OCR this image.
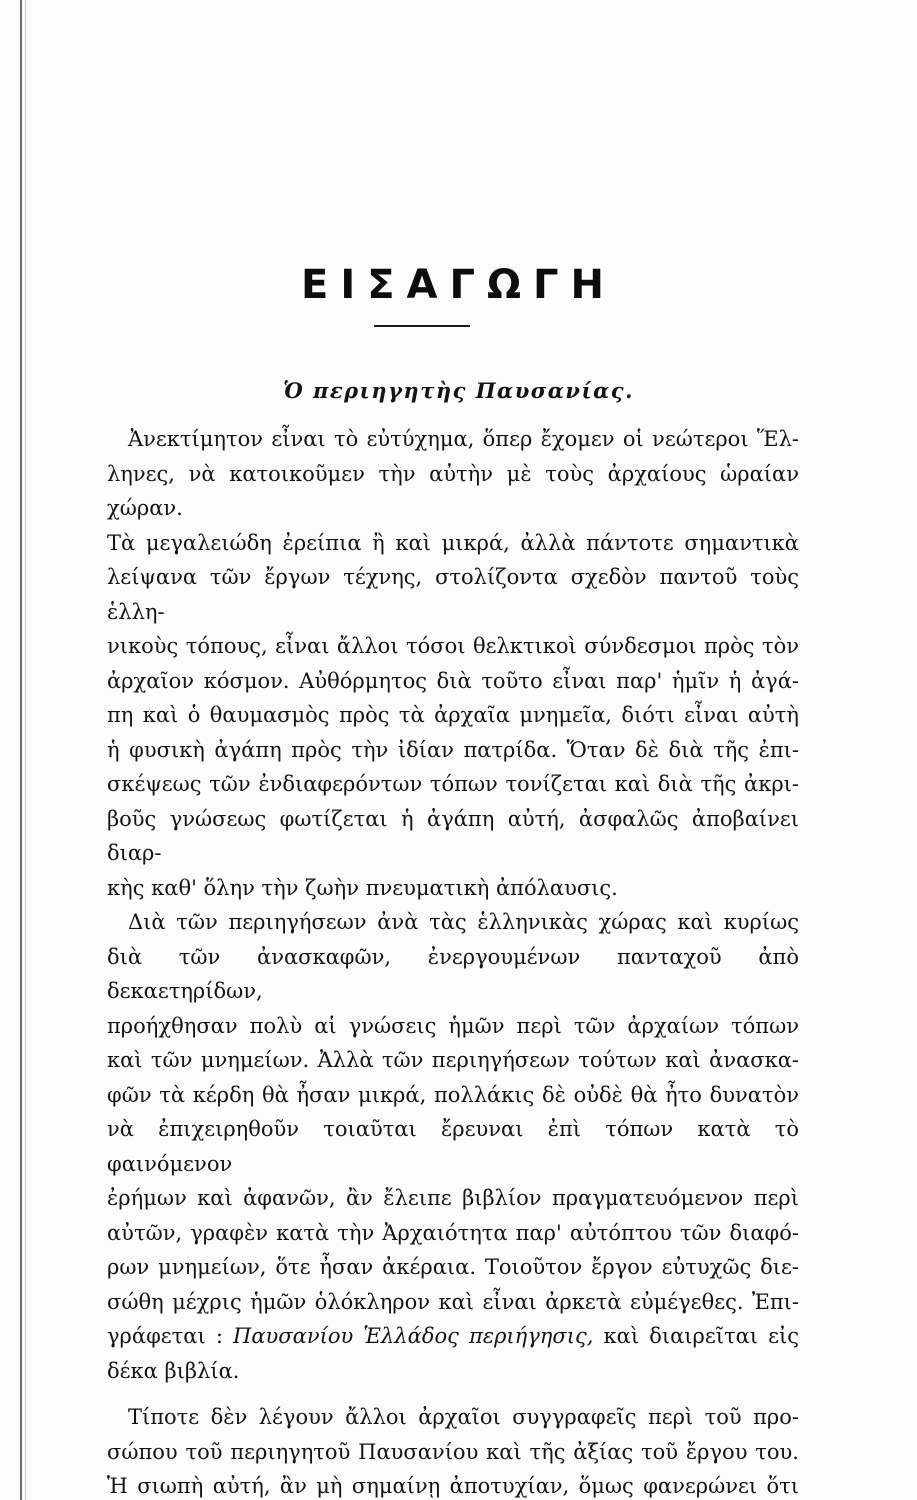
ΕΙΣΑΓΩΓΗ
Ὁ περιηγητὴς Παυσανίας.

Ἀνεκτίμητον εἶναι τὸ εὐτύχημα, ὅπερ ἔχομεν οἱ νεώτεροι Ἕλ-

ληνες, νὰ κατοικοῦμεν τὴν αὐτὴν μὲ τοὺς ἀρχαίους ὡραίαν χώραν.

Τὰ μεγαλειώδη ἐρείπια ἢ καὶ μικρά, ἀλλὰ πάντοτε σημαντικὰ

λείψανα τῶν ἔργων τέχνης, στολίζοντα σχεδὸν παντοῦ τοὺς ἑλλη-

νικοὺς τόπους, εἶναι ἄλλοι τόσοι θελκτικοὶ σύνδεσμοι πρὸς τὸν

ἀρχαῖον κόσμον. Αὐθόρμητος διὰ τοῦτο εἶναι παρ' ἡμῖν ἡ ἀγά-

πη καὶ ὁ θαυμασμὸς πρὸς τὰ ἀρχαῖα μνημεῖα, διότι εἶναι αὐτὴ

ἡ φυσικὴ ἀγάπη πρὸς τὴν ἰδίαν πατρίδα. Ὅταν δὲ διὰ τῆς ἐπι-

σκέψεως τῶν ἐνδιαφερόντων τόπων τονίζεται καὶ διὰ τῆς ἀκρι-

βοῦς γνώσεως φωτίζεται ἡ ἀγάπη αὐτή, ἀσφαλῶς ἀποβαίνει διαρ-

κὴς καθ' ὅλην τὴν ζωὴν πνευματικὴ ἀπόλαυσις.

Διὰ τῶν περιηγήσεων ἀνὰ τὰς ἑλληνικὰς χώρας καὶ κυρίως

διὰ τῶν ἀνασκαφῶν, ἐνεργουμένων πανταχοῦ ἀπὸ δεκαετηρίδων,

προήχθησαν πολὺ αἱ γνώσεις ἡμῶν περὶ τῶν ἀρχαίων τόπων

καὶ τῶν μνημείων. Ἀλλὰ τῶν περιηγήσεων τούτων καὶ ἀνασκα-

φῶν τὰ κέρδη θὰ ἦσαν μικρά, πολλάκις δὲ οὐδὲ θὰ ἦτο δυνατὸν

νὰ ἐπιχειρηθοῦν τοιαῦται ἔρευναι ἐπὶ τόπων κατὰ τὸ φαινόμενον

ἐρήμων καὶ ἀφανῶν, ἂν ἔλειπε βιβλίον πραγματευόμενον περὶ

αὐτῶν, γραφὲν κατὰ τὴν Ἀρχαιότητα παρ' αὐτόπτου τῶν διαφό-

ρων μνημείων, ὅτε ἦσαν ἀκέραια. Τοιοῦτον ἔργον εὐτυχῶς διε-

σώθη μέχρις ἡμῶν ὁλόκληρον καὶ εἶναι ἀρκετὰ εὐμέγεθες. Ἐπι-

γράφεται : Παυσανίου Ἑλλάδος περιήγησις, καὶ διαιρεῖται εἰς

δέκα βιβλία.

Τίποτε δὲν λέγουν ἄλλοι ἀρχαῖοι συγγραφεῖς περὶ τοῦ προ-

σώπου τοῦ περιηγητοῦ Παυσανίου καὶ τῆς ἀξίας τοῦ ἔργου του.

Ἡ σιωπὴ αὐτή, ἂν μὴ σημαίνῃ ἀποτυχίαν, ὅμως φανερώνει ὅτι
